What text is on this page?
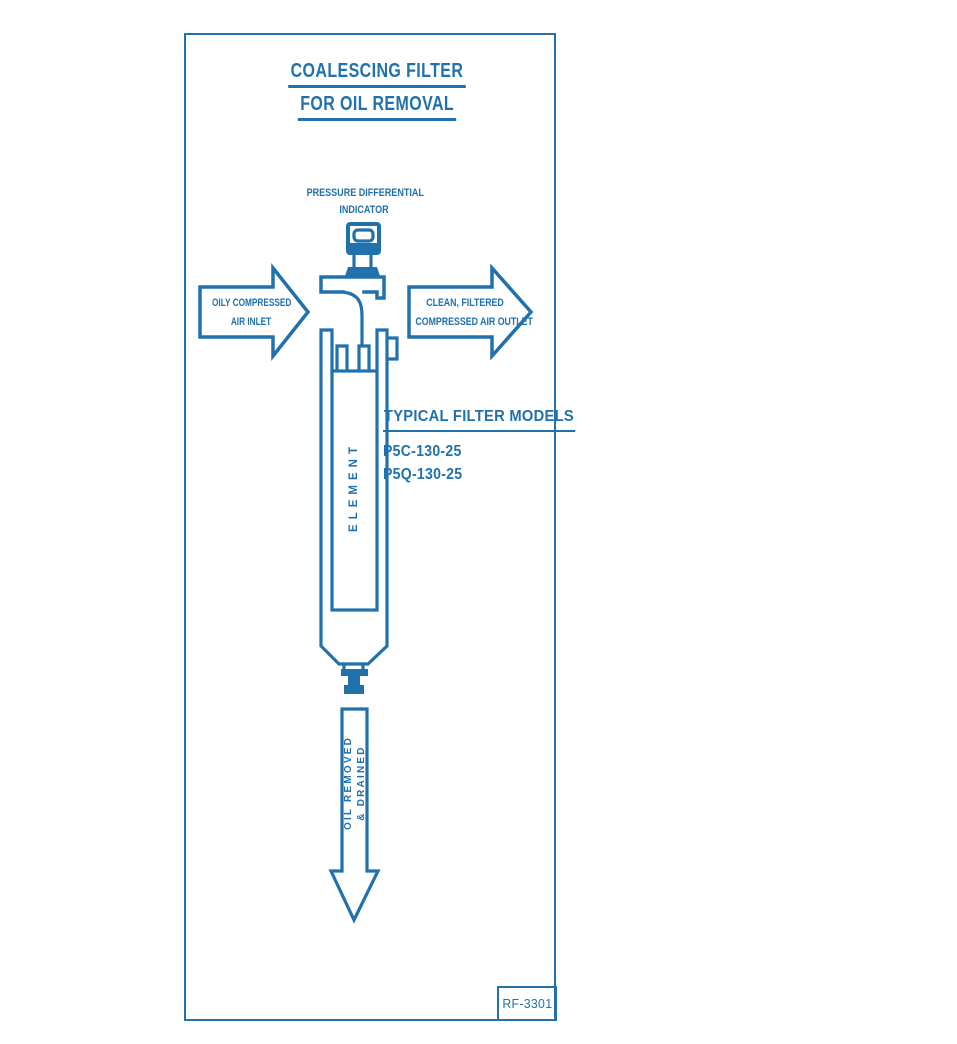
COALESCING FILTER
FOR OIL REMOVAL
PRESSURE DIFFERENTIAL
INDICATOR
OILY COMPRESSED
AIR INLET
CLEAN, FILTERED
COMPRESSED AIR OUTLET
ELEMENT
TYPICAL FILTER MODELS
P5C-130-25
P5Q-130-25
OIL REMOVED & DRAINED
RF-3301
